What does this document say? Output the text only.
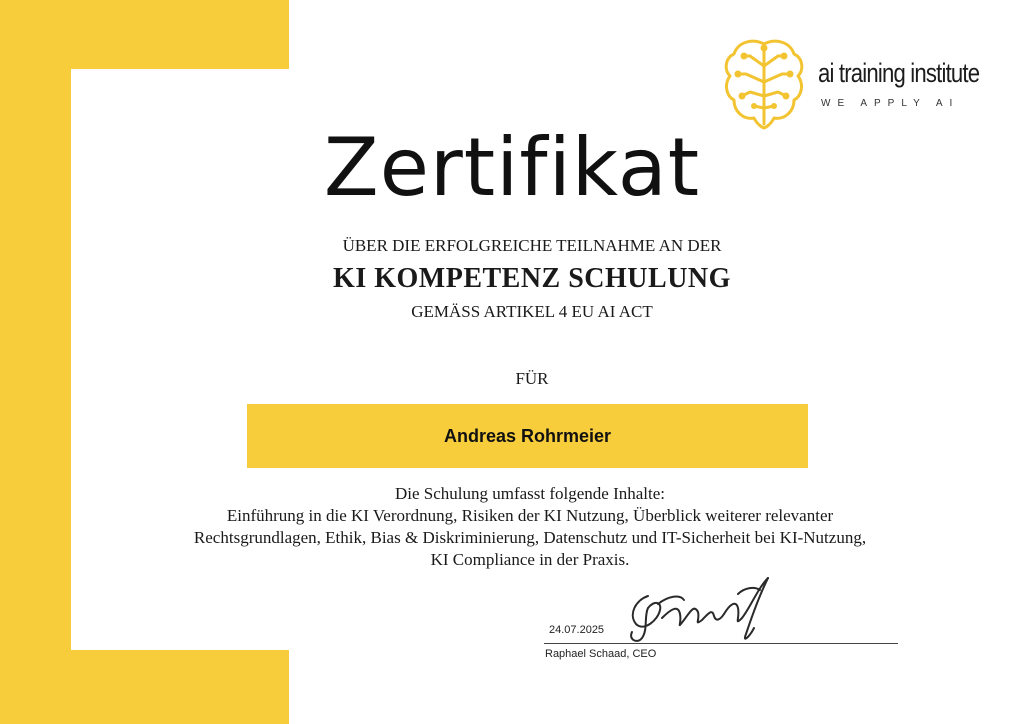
ai training institute
WE APPLY AI
Zertifikat
ÜBER DIE ERFOLGREICHE TEILNAHME AN DER
KI KOMPETENZ SCHULUNG
GEMÄSS ARTIKEL 4 EU AI ACT
FÜR
Andreas Rohrmeier
Die Schulung umfasst folgende Inhalte:
Einführung in die KI Verordnung, Risiken der KI Nutzung, Überblick weiterer relevanter
Rechtsgrundlagen, Ethik, Bias & Diskriminierung, Datenschutz und IT-Sicherheit bei KI-Nutzung,
KI Compliance in der Praxis.
24.07.2025
Raphael Schaad, CEO
